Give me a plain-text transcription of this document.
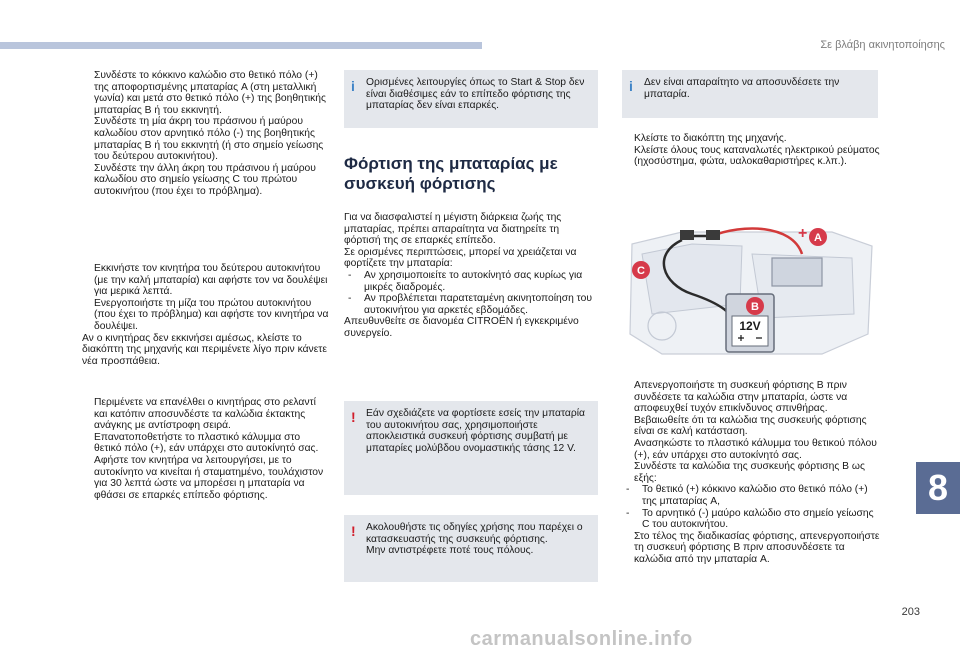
Σε βλάβη ακινητοποίησης
Συνδέστε το κόκκινο καλώδιο στο θετικό πόλο (+) της αποφορτισμένης μπαταρίας A (στη μεταλλική γωνία) και μετά στο θετικό πόλο (+) της βοηθητικής μπαταρίας B ή του εκκινητή.
Συνδέστε τη μία άκρη του πράσινου ή μαύρου καλωδίου στον αρνητικό πόλο (-) της βοηθητικής μπαταρίας B ή του εκκινητή (ή στο σημείο γείωσης του δεύτερου αυτοκινήτου).
Συνδέστε την άλλη άκρη του πράσινου ή μαύρου καλωδίου στο σημείο γείωσης C του πρώτου αυτοκινήτου (που έχει το πρόβλημα).
Εκκινήστε τον κινητήρα του δεύτερου αυτοκινήτου (με την καλή μπαταρία) και αφήστε τον να δουλέψει για μερικά λεπτά.
Ενεργοποιήστε τη μίζα του πρώτου αυτοκινήτου (που έχει το πρόβλημα) και αφήστε τον κινητήρα να δουλέψει.

Αν ο κινητήρας δεν εκκινήσει αμέσως, κλείστε το διακόπτη της μηχανής και περιμένετε λίγο πριν κάνετε νέα προσπάθεια.

Περιμένετε να επανέλθει ο κινητήρας στο ρελαντί και κατόπιν αποσυνδέστε τα καλώδια έκτακτης ανάγκης με αντίστροφη σειρά.
Επανατοποθετήστε το πλαστικό κάλυμμα στο θετικό πόλο (+), εάν υπάρχει στο αυτοκίνητό σας.
Αφήστε τον κινητήρα να λειτουργήσει, με το αυτοκίνητο να κινείται ή σταματημένο, τουλάχιστον για 30 λεπτά ώστε να μπορέσει η μπαταρία να φθάσει σε επαρκές επίπεδο φόρτισης.
i Ορισμένες λειτουργίες όπως το Start & Stop δεν είναι διαθέσιμες εάν το επίπεδο φόρτισης της μπαταρίας δεν είναι επαρκές.

Φόρτιση της μπαταρίας με συσκευή φόρτισης

Για να διασφαλιστεί η μέγιστη διάρκεια ζωής της μπαταρίας, πρέπει απαραίτητα να διατηρείτε τη φόρτισή της σε επαρκές επίπεδο.

Σε ορισμένες περιπτώσεις, μπορεί να χρειάζεται να φορτίζετε την μπαταρία:

- Αν χρησιμοποιείτε το αυτοκίνητό σας κυρίως για μικρές διαδρομές.
- Αν προβλέπεται παρατεταμένη ακινητοποίηση του αυτοκινήτου για αρκετές εβδομάδες.

Απευθυνθείτε σε διανομέα CITROËN ή εγκεκριμένο συνεργείο.

! Εάν σχεδιάζετε να φορτίσετε εσείς την μπαταρία του αυτοκινήτου σας, χρησιμοποιήστε αποκλειστικά συσκευή φόρτισης συμβατή με μπαταρίες μολύβδου ονομαστικής τάσης 12 V.

! Ακολουθήστε τις οδηγίες χρήσης που παρέχει ο κατασκευαστής της συσκευής φόρτισης.

Μην αντιστρέφετε ποτέ τους πόλους.

i Δεν είναι απαραίτητο να αποσυνδέσετε την μπαταρία.

Κλείστε το διακόπτη της μηχανής.
Κλείστε όλους τους καταναλωτές ηλεκτρικού ρεύματος (ηχοσύστημα, φώτα, υαλοκαθαριστήρες κ.λπ.).
+
12V
A
B
C
Απενεργοποιήστε τη συσκευή φόρτισης B πριν συνδέσετε τα καλώδια στην μπαταρία, ώστε να αποφευχθεί τυχόν επικίνδυνος σπινθήρας.
Βεβαιωθείτε ότι τα καλώδια της συσκευής φόρτισης είναι σε καλή κατάσταση.
Ανασηκώστε το πλαστικό κάλυμμα του θετικού πόλου (+), εάν υπάρχει στο αυτοκίνητό σας.
Συνδέστε τα καλώδια της συσκευής φόρτισης B ως εξής:
- Το θετικό (+) κόκκινο καλώδιο στο θετικό πόλο (+) της μπαταρίας A,
- Το αρνητικό (-) μαύρο καλώδιο στο σημείο γείωσης C του αυτοκινήτου.
Στο τέλος της διαδικασίας φόρτισης, απενεργοποιήστε τη συσκευή φόρτισης B πριν αποσυνδέσετε τα καλώδια από την μπαταρία A.
8
203
carmanualsonline.info
